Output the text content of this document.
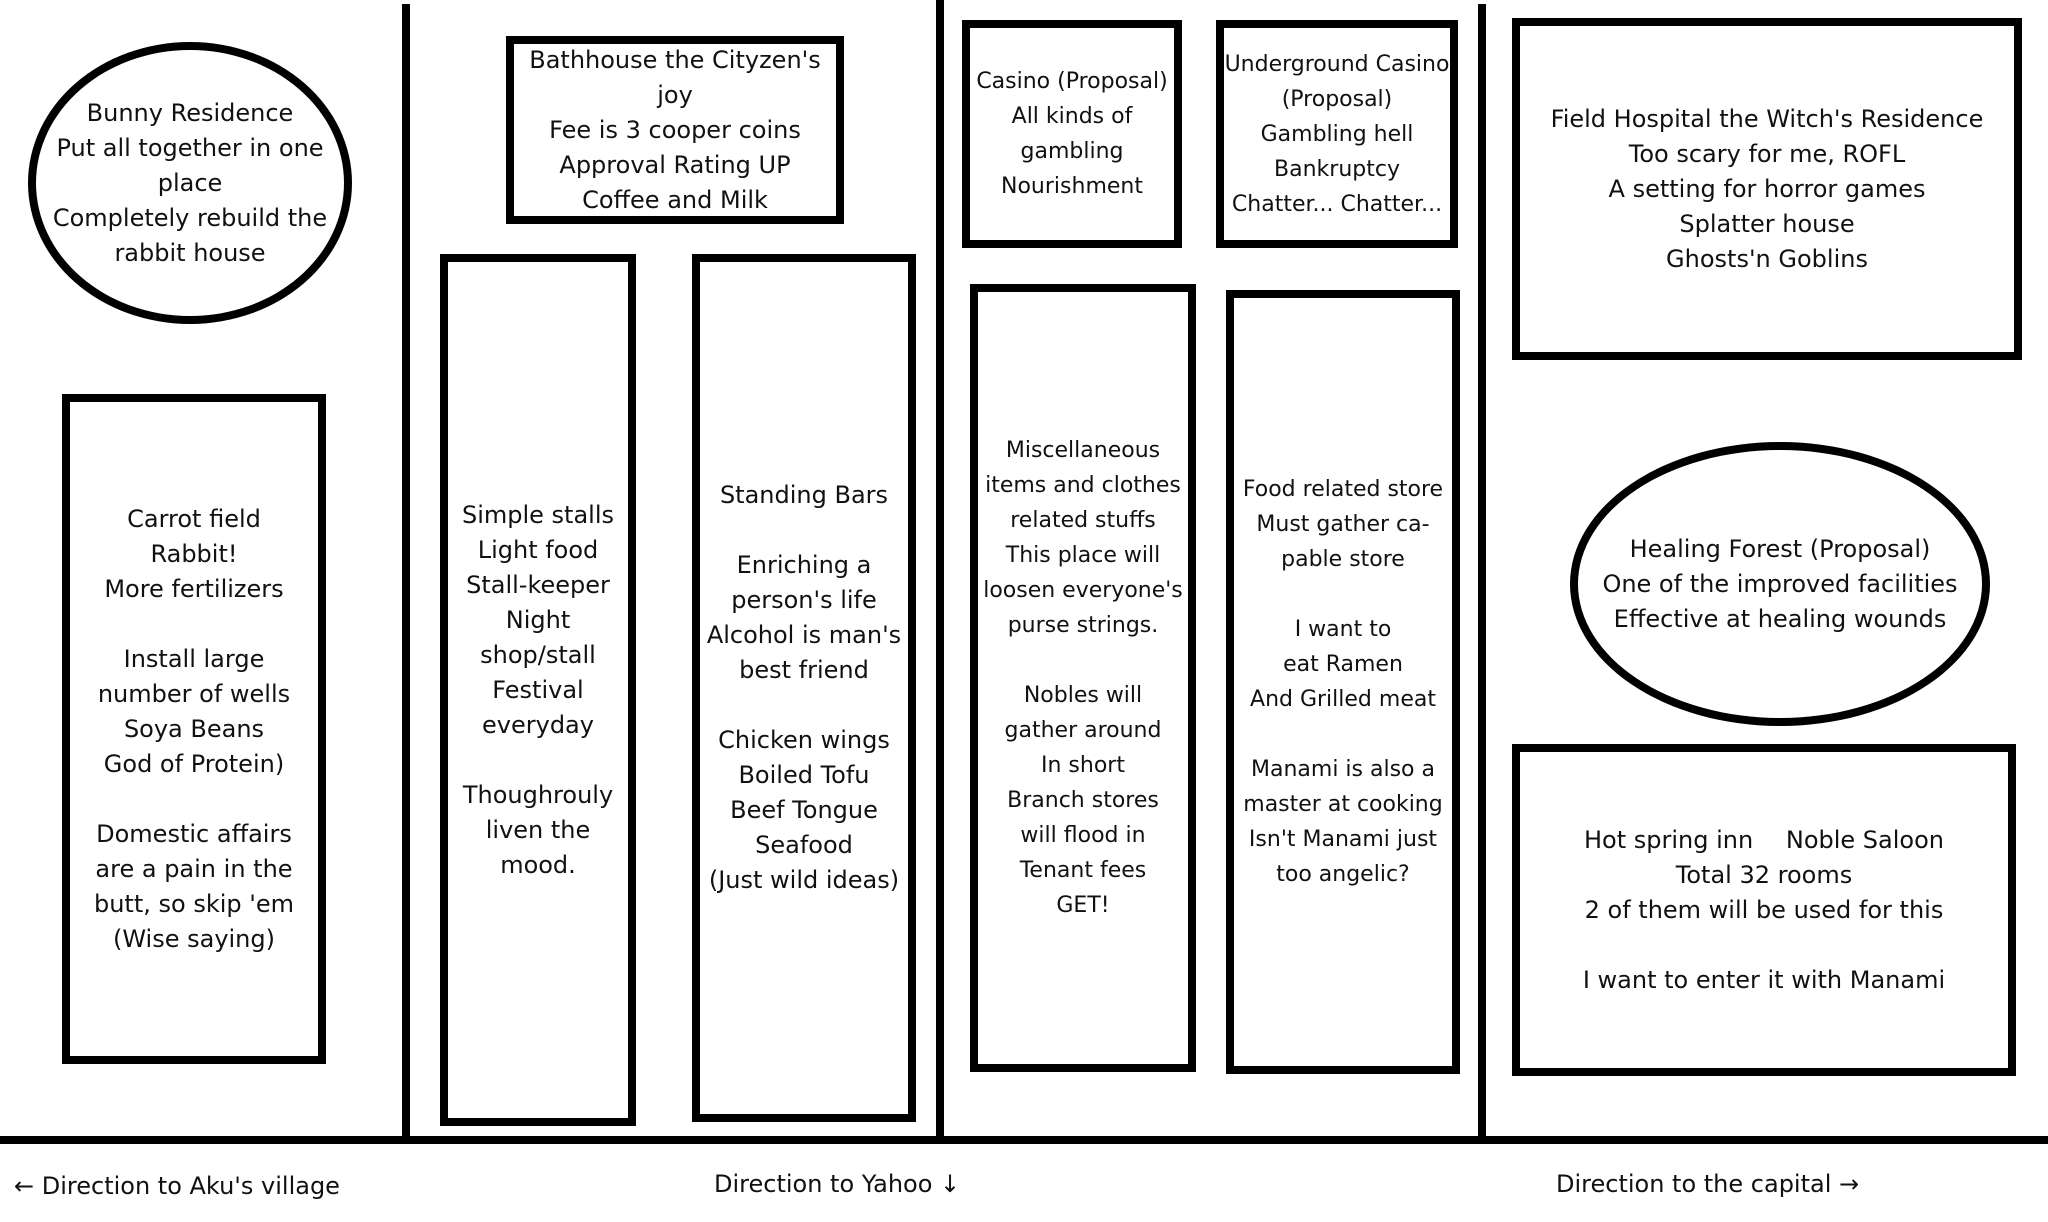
Bunny Residence
Put all together in one place
Completely rebuild the
rabbit house
Carrot field
Rabbit!
More fertilizers

Install large
number of wells
Soya Beans
God of Protein)

Domestic affairs
are a pain in the
butt, so skip 'em
(Wise saying)
Bathhouse the Cityzen's joy
Fee is 3 cooper coins
Approval Rating UP
Coffee and Milk
Simple stalls
Light food
Stall-keeper
Night shop/stall
Festival
everyday

Thoughrouly
liven the mood.
Standing Bars

Enriching a
person's life
Alcohol is man's
best friend

Chicken wings
Boiled Tofu
Beef Tongue
Seafood
(Just wild ideas)
Casino (Proposal)
All kinds of
gambling
Nourishment
Underground Casino
(Proposal)
Gambling hell
Bankruptcy
Chatter... Chatter...
Miscellaneous
items and clothes
related stuffs
This place will
loosen everyone's
purse strings.

Nobles will
gather around
In short
Branch stores
will flood in
Tenant fees
GET!
Food related store
Must gather ca-
pable store

I want to
eat Ramen
And Grilled meat

Manami is also a
master at cooking
Isn't Manami just
too angelic?
Field Hospital the Witch's Residence
Too scary for me, ROFL
A setting for horror games
Splatter house
Ghosts'n Goblins
Healing Forest (Proposal)
One of the improved facilities
Effective at healing wounds
Hot spring inn Noble Saloon
Total 32 rooms
2 of them will be used for this

I want to enter it with Manami
← Direction to Aku's village	Direction to Yahoo ↓	Direction to the capital →
